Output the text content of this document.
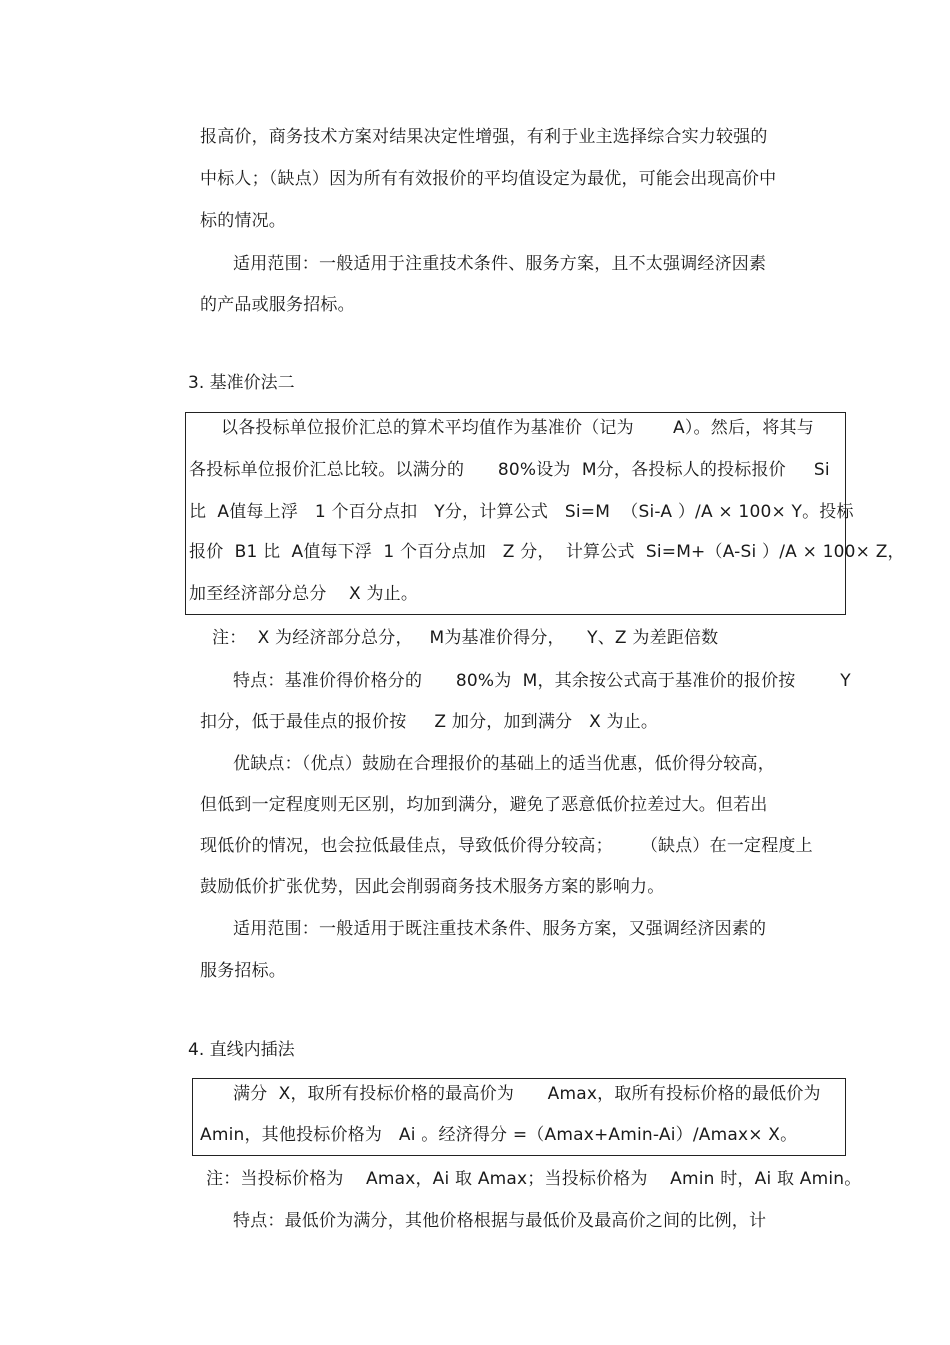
报高价，商务技术方案对结果决定性增强，有利于业主选择综合实力较强的
中标人；（缺点）因为所有有效报价的平均值设定为最优，可能会出现高价中
标的情况。
适用范围：一般适用于注重技术条件、服务方案，且不太强调经济因素
的产品或服务招标。
3. 基准价法二
以各投标单位报价汇总的算术平均值作为基准价（记为       A）。然后，将其与
各投标单位报价汇总比较。以满分的      80%设为  M分，各投标人的投标报价     Si
比  A值每上浮   1 个百分点扣   Y分，计算公式   Si=M  （Si-A ）/A × 100× Y。投标
报价  B1 比  A值每下浮  1 个百分点加   Z 分，  计算公式  Si=M+（A-Si ）/A × 100× Z，
加至经济部分总分    X 为止。
注：  X 为经济部分总分，   M为基准价得分，    Y、Z 为差距倍数
特点：基准价得价格分的      80%为  M，其余按公式高于基准价的报价按        Y
扣分，低于最佳点的报价按     Z 加分，加到满分   X 为止。
优缺点：（优点）鼓励在合理报价的基础上的适当优惠，低价得分较高，
但低到一定程度则无区别，均加到满分，避免了恶意低价拉差过大。但若出
现低价的情况，也会拉低最佳点，导致低价得分较高；     （缺点）在一定程度上
鼓励低价扩张优势，因此会削弱商务技术服务方案的影响力。
适用范围：一般适用于既注重技术条件、服务方案，又强调经济因素的
服务招标。
4. 直线内插法
满分  X，取所有投标价格的最高价为      Amax，取所有投标价格的最低价为
Amin，其他投标价格为   Ai 。经济得分 =（Amax+Amin-Ai）/Amax× X。
注：当投标价格为    Amax，Ai 取 Amax；当投标价格为    Amin 时，Ai 取 Amin。
特点：最低价为满分，其他价格根据与最低价及最高价之间的比例，计
